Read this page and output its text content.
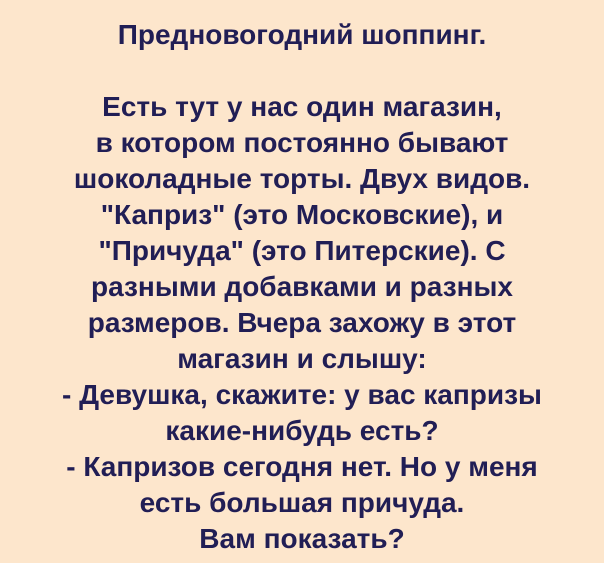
Предновогодний шоппинг.
Есть тут у нас один магазин,
в котором постоянно бывают
шоколадные торты. Двух видов.
"Каприз" (это Московские), и
"Причуда" (это Питерские). С
разными добавками и разных
размеров. Вчера захожу в этот
магазин и слышу:
- Девушка, скажите: у вас капризы
какие-нибудь есть?
- Капризов сегодня нет. Но у меня
есть большая причуда.
Вам показать?
